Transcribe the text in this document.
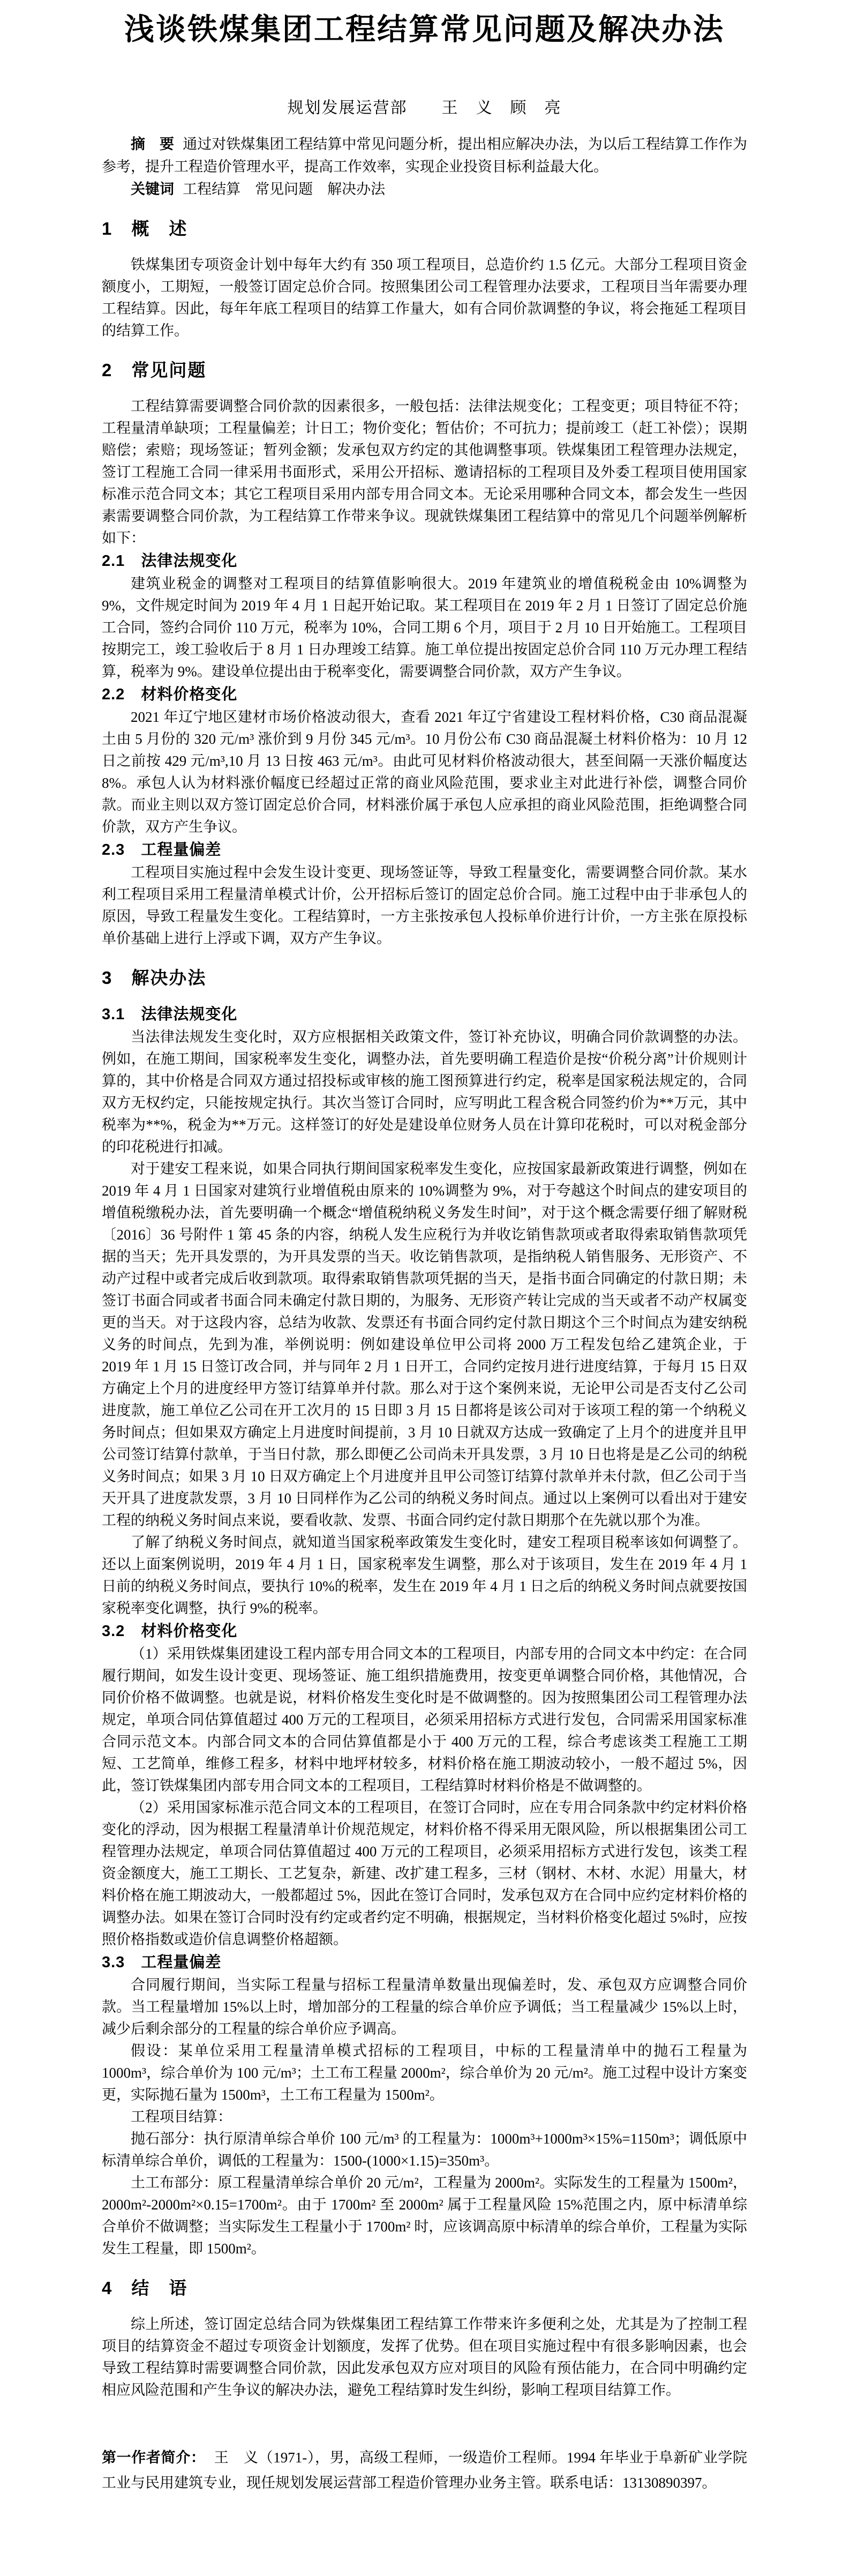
浅谈铁煤集团工程结算常见问题及解决办法
规划发展运营部　　王　义　顾　亮

摘　要 通过对铁煤集团工程结算中常见问题分析，提出相应解决办法，为以后工程结算工作作为参考，提升工程造价管理水平，提高工作效率，实现企业投资目标利益最大化。

关键词 工程结算　常见问题　解决办法

1　概　述

铁煤集团专项资金计划中每年大约有 350 项工程项目，总造价约 1.5 亿元。大部分工程项目资金额度小，工期短，一般签订固定总价合同。按照集团公司工程管理办法要求，工程项目当年需要办理工程结算。因此，每年年底工程项目的结算工作量大，如有合同价款调整的争议，将会拖延工程项目的结算工作。

2　常见问题

工程结算需要调整合同价款的因素很多，一般包括：法律法规变化；工程变更；项目特征不符；工程量清单缺项；工程量偏差；计日工；物价变化；暂估价；不可抗力；提前竣工（赶工补偿）；误期赔偿；索赔；现场签证；暂列金额；发承包双方约定的其他调整事项。铁煤集团工程管理办法规定，签订工程施工合同一律采用书面形式，采用公开招标、邀请招标的工程项目及外委工程项目使用国家标准示范合同文本；其它工程项目采用内部专用合同文本。无论采用哪种合同文本，都会发生一些因素需要调整合同价款，为工程结算工作带来争议。现就铁煤集团工程结算中的常见几个问题举例解析如下：

2.1　法律法规变化

建筑业税金的调整对工程项目的结算值影响很大。2019 年建筑业的增值税税金由 10%调整为 9%，文件规定时间为 2019 年 4 月 1 日起开始记取。某工程项目在 2019 年 2 月 1 日签订了固定总价施工合同，签约合同价 110 万元，税率为 10%，合同工期 6 个月，项目于 2 月 10 日开始施工。工程项目按期完工，竣工验收后于 8 月 1 日办理竣工结算。施工单位提出按固定总价合同 110 万元办理工程结算，税率为 9%。建设单位提出由于税率变化，需要调整合同价款，双方产生争议。

2.2　材料价格变化

2021 年辽宁地区建材市场价格波动很大，查看 2021 年辽宁省建设工程材料价格，C30 商品混凝土由 5 月份的 320 元/m³ 涨价到 9 月份 345 元/m³。10 月份公布 C30 商品混凝土材料价格为：10 月 12 日之前按 429 元/m³,10 月 13 日按 463 元/m³。由此可见材料价格波动很大，甚至间隔一天涨价幅度达 8%。承包人认为材料涨价幅度已经超过正常的商业风险范围，要求业主对此进行补偿，调整合同价款。而业主则以双方签订固定总价合同，材料涨价属于承包人应承担的商业风险范围，拒绝调整合同价款，双方产生争议。

2.3　工程量偏差

工程项目实施过程中会发生设计变更、现场签证等，导致工程量变化，需要调整合同价款。某水利工程项目采用工程量清单模式计价，公开招标后签订的固定总价合同。施工过程中由于非承包人的原因，导致工程量发生变化。工程结算时，一方主张按承包人投标单价进行计价，一方主张在原投标单价基础上进行上浮或下调，双方产生争议。

3　解决办法
3.1　法律法规变化

当法律法规发生变化时，双方应根据相关政策文件，签订补充协议，明确合同价款调整的办法。例如，在施工期间，国家税率发生变化，调整办法，首先要明确工程造价是按“价税分离”计价规则计算的，其中价格是合同双方通过招投标或审核的施工图预算进行约定，税率是国家税法规定的，合同双方无权约定，只能按规定执行。其次当签订合同时，应写明此工程含税合同签约价为**万元，其中税率为**%，税金为**万元。这样签订的好处是建设单位财务人员在计算印花税时，可以对税金部分的印花税进行扣减。

对于建安工程来说，如果合同执行期间国家税率发生变化，应按国家最新政策进行调整，例如在 2019 年 4 月 1 日国家对建筑行业增值税由原来的 10%调整为 9%，对于夸越这个时间点的建安项目的增值税缴税办法，首先要明确一个概念“增值税纳税义务发生时间”，对于这个概念需要仔细了解财税〔2016〕36 号附件 1 第 45 条的内容，纳税人发生应税行为并收讫销售款项或者取得索取销售款项凭据的当天；先开具发票的，为开具发票的当天。收讫销售款项，是指纳税人销售服务、无形资产、不动产过程中或者完成后收到款项。取得索取销售款项凭据的当天，是指书面合同确定的付款日期；未签订书面合同或者书面合同未确定付款日期的，为服务、无形资产转让完成的当天或者不动产权属变更的当天。对于这段内容，总结为收款、发票还有书面合同约定付款日期这个三个时间点为建安纳税义务的时间点，先到为准，举例说明：例如建设单位甲公司将 2000 万工程发包给乙建筑企业，于 2019 年 1 月 15 日签订改合同，并与同年 2 月 1 日开工，合同约定按月进行进度结算，于每月 15 日双方确定上个月的进度经甲方签订结算单并付款。那么对于这个案例来说，无论甲公司是否支付乙公司进度款，施工单位乙公司在开工次月的 15 日即 3 月 15 日都将是该公司对于该项工程的第一个纳税义务时间点；但如果双方确定上月进度时间提前，3 月 10 日就双方达成一致确定了上月个的进度并且甲公司签订结算付款单，于当日付款，那么即便乙公司尚未开具发票，3 月 10 日也将是是乙公司的纳税义务时间点；如果 3 月 10 日双方确定上个月进度并且甲公司签订结算付款单并未付款，但乙公司于当天开具了进度款发票，3 月 10 日同样作为乙公司的纳税义务时间点。通过以上案例可以看出对于建安工程的纳税义务时间点来说，要看收款、发票、书面合同约定付款日期那个在先就以那个为准。

了解了纳税义务时间点，就知道当国家税率政策发生变化时，建安工程项目税率该如何调整了。还以上面案例说明，2019 年 4 月 1 日，国家税率发生调整，那么对于该项目，发生在 2019 年 4 月 1 日前的纳税义务时间点，要执行 10%的税率，发生在 2019 年 4 月 1 日之后的纳税义务时间点就要按国家税率变化调整，执行 9%的税率。

3.2　材料价格变化

（1）采用铁煤集团建设工程内部专用合同文本的工程项目，内部专用的合同文本中约定：在合同履行期间，如发生设计变更、现场签证、施工组织措施费用，按变更单调整合同价格，其他情况，合同价价格不做调整。也就是说，材料价格发生变化时是不做调整的。因为按照集团公司工程管理办法规定，单项合同估算值超过 400 万元的工程项目，必须采用招标方式进行发包，合同需采用国家标准合同示范文本。内部合同文本的合同估算值都是小于 400 万元的工程，综合考虑该类工程施工工期短、工艺简单，维修工程多，材料中地坪材较多，材料价格在施工期波动较小，一般不超过 5%，因此，签订铁煤集团内部专用合同文本的工程项目，工程结算时材料价格是不做调整的。

（2）采用国家标准示范合同文本的工程项目，在签订合同时，应在专用合同条款中约定材料价格变化的浮动，因为根据工程量清单计价规范规定，材料价格不得采用无限风险，所以根据集团公司工程管理办法规定，单项合同估算值超过 400 万元的工程项目，必须采用招标方式进行发包，该类工程资金额度大，施工工期长、工艺复杂，新建、改扩建工程多，三材（钢材、木材、水泥）用量大，材料价格在施工期波动大，一般都超过 5%，因此在签订合同时，发承包双方在合同中应约定材料价格的调整办法。如果在签订合同时没有约定或者约定不明确，根据规定，当材料价格变化超过 5%时，应按照价格指数或造价信息调整价格超额。

3.3　工程量偏差

合同履行期间，当实际工程量与招标工程量清单数量出现偏差时，发、承包双方应调整合同价款。当工程量增加 15%以上时，增加部分的工程量的综合单价应予调低；当工程量减少 15%以上时，减少后剩余部分的工程量的综合单价应予调高。

假设：某单位采用工程量清单模式招标的工程项目，中标的工程量清单中的抛石工程量为 1000m³，综合单价为 100 元/m³；土工布工程量 2000m²，综合单价为 20 元/m²。施工过程中设计方案变更，实际抛石量为 1500m³，土工布工程量为 1500m²。

工程项目结算：

抛石部分：执行原清单综合单价 100 元/m³ 的工程量为：1000m³+1000m³×15%=1150m³；调低原中标清单综合单价，调低的工程量为：1500-(1000×1.15)=350m³。

土工布部分：原工程量清单综合单价 20 元/m²，工程量为 2000m²。实际发生的工程量为 1500m²，2000m²-2000m²×0.15=1700m²。由于 1700m² 至 2000m² 属于工程量风险 15%范围之内，原中标清单综合单价不做调整；当实际发生工程量小于 1700m² 时，应该调高原中标清单的综合单价，工程量为实际发生工程量，即 1500m²。

4　结　语

综上所述，签订固定总结合同为铁煤集团工程结算工作带来许多便利之处，尤其是为了控制工程项目的结算资金不超过专项资金计划额度，发挥了优势。但在项目实施过程中有很多影响因素，也会导致工程结算时需要调整合同价款，因此发承包双方应对项目的风险有预估能力，在合同中明确约定相应风险范围和产生争议的解决办法，避免工程结算时发生纠纷，影响工程项目结算工作。

第一作者简介： 王　义（1971-），男，高级工程师，一级造价工程师。1994 年毕业于阜新矿业学院工业与民用建筑专业，现任规划发展运营部工程造价管理办业务主管。联系电话：13130890397。
